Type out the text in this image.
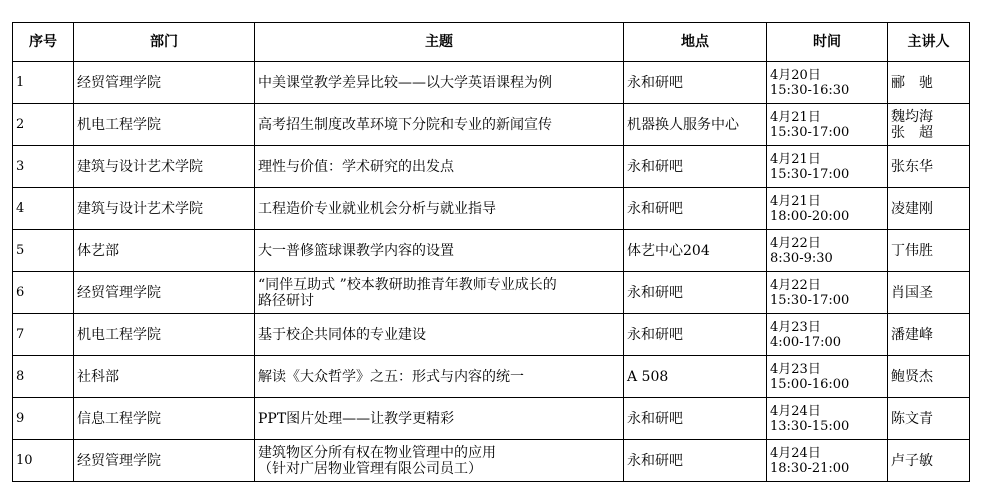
序号	部门	主题	地点	时间	主讲人
1	经贸管理学院	中美课堂教学差异比较——以大学英语课程为例	永和研吧	4月20日
15:30-16:30	郦　驰

2	机电工程学院	高考招生制度改革环境下分院和专业的新闻宣传	机器换人服务中心	4月21日
15:30-17:00	魏均海
张　超

3	建筑与设计艺术学院	理性与价值：学术研究的出发点	永和研吧	4月21日
15:30-17:00	张东华

4	建筑与设计艺术学院	工程造价专业就业机会分析与就业指导	永和研吧	4月21日
18:00-20:00	凌建刚

5	体艺部	大一普修篮球课教学内容的设置	体艺中心204	4月22日
8:30-9:30	丁伟胜

6	经贸管理学院	“同伴互助式 ”校本教研助推青年教师专业成长的
路径研讨	永和研吧	4月22日
15:30-17:00	肖国圣

7	机电工程学院	基于校企共同体的专业建设	永和研吧	4月23日
4:00-17:00	潘建峰

8	社科部	解读《大众哲学》之五：形式与内容的统一	A 508	4月23日
15:00-16:00	鲍贤杰

9	信息工程学院	PPT图片处理——让教学更精彩	永和研吧	4月24日
13:30-15:00	陈文青

10	经贸管理学院	建筑物区分所有权在物业管理中的应用
（针对广居物业管理有限公司员工）	永和研吧	4月24日
18:30-21:00	卢子敏
